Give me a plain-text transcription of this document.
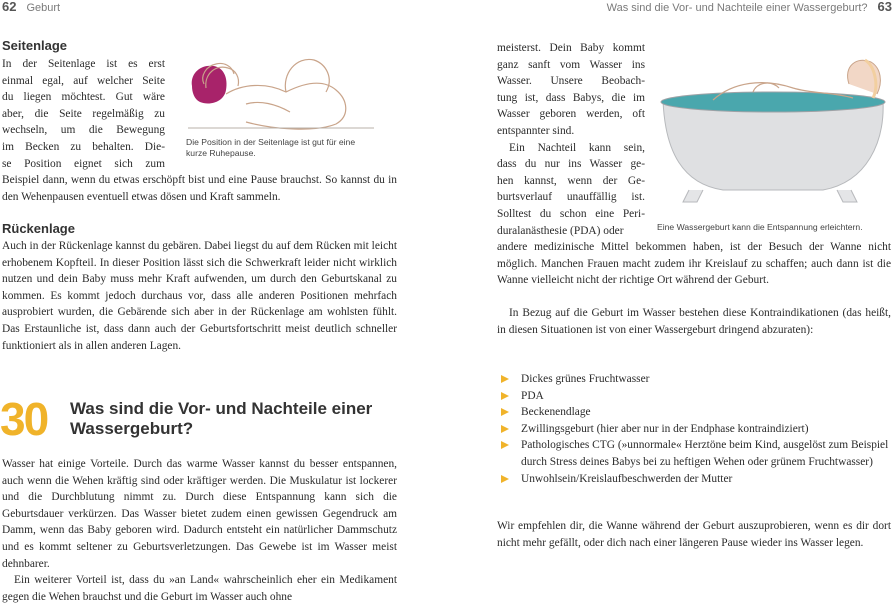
62 Geburt
Seitenlage
In der Seitenlage ist es erst
einmal egal, auf welcher Seite
du liegen möchtest. Gut wäre
aber, die Seite regelmäßig zu
wechseln, um die Bewegung
im Becken zu behalten. Die-
se Position eignet sich zum

Die Position in der Seitenlage ist gut für eine kurze Ruhepause.

Beispiel dann, wenn du etwas erschöpft bist und eine Pause brauchst. So kannst du in den Wehenpausen eventuell etwas dösen und Kraft sammeln.

Rückenlage

Auch in der Rückenlage kannst du gebären. Dabei liegst du auf dem Rücken mit leicht erhobenem Kopfteil. In dieser Position lässt sich die Schwerkraft leider nicht wirklich nutzen und dein Baby muss mehr Kraft aufwenden, um durch den Geburtskanal zu kommen. Es kommt jedoch durchaus vor, dass alle anderen Positionen mehrfach ausprobiert wurden, die Gebärende sich aber in der Rückenlage am wohlsten fühlt. Das Erstaunliche ist, dass dann auch der Geburtsfortschritt meist deutlich schneller funktioniert als in allen anderen Lagen.

30 Was sind die Vor- und Nachteile einer
Wassergeburt?

Wasser hat einige Vorteile. Durch das warme Wasser kannst du besser entspannen, auch wenn die Wehen kräftig sind oder kräftiger werden. Die Muskulatur ist lockerer und die Durchblutung nimmt zu. Durch diese Entspannung kann sich die Geburtsdauer verkürzen. Das Wasser bietet zudem einen gewissen Gegendruck am Damm, wenn das Baby geboren wird. Dadurch entsteht ein natürlicher Dammschutz und es kommt seltener zu Geburtsverletzungen. Das Gewebe ist im Wasser meist dehnbarer.

Ein weiterer Vorteil ist, dass du »an Land« wahrscheinlich eher ein Medikament gegen die Wehen brauchst und die Geburt im Wasser auch ohne

Was sind die Vor- und Nachteile einer Wassergeburt? 63
meisterst. Dein Baby kommt
ganz sanft vom Wasser ins
Wasser. Unsere Beobach-
tung ist, dass Babys, die im
Wasser geboren werden, oft
entspannter sind.
Ein Nachteil kann sein,
dass du nur ins Wasser ge-
hen kannst, wenn der Ge-
burtsverlauf unauffällig ist.
Solltest du schon eine Peri-
duralanästhesie (PDA) oder	Eine Wassergeburt kann die Entspannung erleichtern.

andere medizinische Mittel bekommen haben, ist der Besuch der Wanne nicht möglich. Manchen Frauen macht zudem ihr Kreislauf zu schaffen; auch dann ist die Wanne vielleicht nicht der richtige Ort während der Geburt.

In Bezug auf die Geburt im Wasser bestehen diese Kontraindikationen (das heißt, in diesen Situationen ist von einer Wassergeburt dringend abzuraten):

Dickes grünes Fruchtwasser
PDA
Beckenendlage
Zwillingsgeburt (hier aber nur in der Endphase kontraindiziert)
Pathologisches CTG (»unnormale« Herztöne beim Kind, ausgelöst zum Beispiel durch Stress deines Babys bei zu heftigen Wehen oder grünem Fruchtwasser)
Unwohlsein/Kreislaufbeschwerden der Mutter

Wir empfehlen dir, die Wanne während der Geburt auszuprobieren, wenn es dir dort nicht mehr gefällt, oder dich nach einer längeren Pause wieder ins Wasser legen.
